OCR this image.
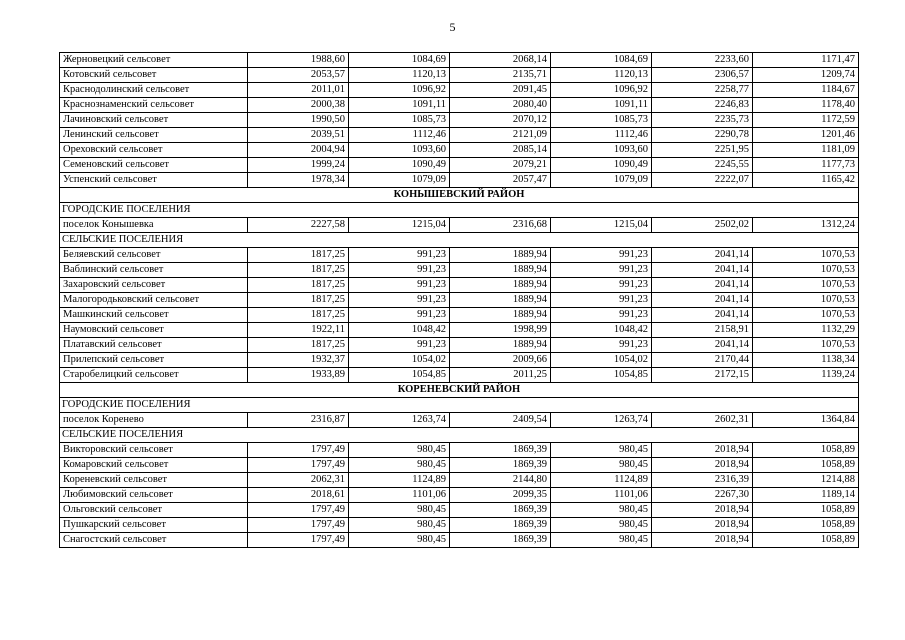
5
Жерновецкий сельсовет	1988,60	1084,69	2068,14	1084,69	2233,60	1171,47
Котовский сельсовет	2053,57	1120,13	2135,71	1120,13	2306,57	1209,74
Краснодолинский сельсовет	2011,01	1096,92	2091,45	1096,92	2258,77	1184,67
Краснознаменский сельсовет	2000,38	1091,11	2080,40	1091,11	2246,83	1178,40
Лачиновский сельсовет	1990,50	1085,73	2070,12	1085,73	2235,73	1172,59
Ленинский сельсовет	2039,51	1112,46	2121,09	1112,46	2290,78	1201,46
Ореховский сельсовет	2004,94	1093,60	2085,14	1093,60	2251,95	1181,09
Семеновский сельсовет	1999,24	1090,49	2079,21	1090,49	2245,55	1177,73
Успенский сельсовет	1978,34	1079,09	2057,47	1079,09	2222,07	1165,42
КОНЫШЕВСКИЙ РАЙОН						
ГОРОДСКИЕ ПОСЕЛЕНИЯ						
поселок Конышевка	2227,58	1215,04	2316,68	1215,04	2502,02	1312,24
СЕЛЬСКИЕ ПОСЕЛЕНИЯ						
Беляевский сельсовет	1817,25	991,23	1889,94	991,23	2041,14	1070,53
Ваблинский сельсовет	1817,25	991,23	1889,94	991,23	2041,14	1070,53
Захаровский сельсовет	1817,25	991,23	1889,94	991,23	2041,14	1070,53
Малогородьковский сельсовет	1817,25	991,23	1889,94	991,23	2041,14	1070,53
Машкинский сельсовет	1817,25	991,23	1889,94	991,23	2041,14	1070,53
Наумовский сельсовет	1922,11	1048,42	1998,99	1048,42	2158,91	1132,29
Платавский сельсовет	1817,25	991,23	1889,94	991,23	2041,14	1070,53
Прилепский сельсовет	1932,37	1054,02	2009,66	1054,02	2170,44	1138,34
Старобелицкий сельсовет	1933,89	1054,85	2011,25	1054,85	2172,15	1139,24
КОРЕНЕВСКИЙ РАЙОН						
ГОРОДСКИЕ ПОСЕЛЕНИЯ						
поселок Коренево	2316,87	1263,74	2409,54	1263,74	2602,31	1364,84
СЕЛЬСКИЕ ПОСЕЛЕНИЯ						
Викторовский сельсовет	1797,49	980,45	1869,39	980,45	2018,94	1058,89
Комаровский сельсовет	1797,49	980,45	1869,39	980,45	2018,94	1058,89
Кореневский сельсовет	2062,31	1124,89	2144,80	1124,89	2316,39	1214,88
Любимовский сельсовет	2018,61	1101,06	2099,35	1101,06	2267,30	1189,14
Ольговский сельсовет	1797,49	980,45	1869,39	980,45	2018,94	1058,89
Пушкарский сельсовет	1797,49	980,45	1869,39	980,45	2018,94	1058,89
Снагостский сельсовет	1797,49	980,45	1869,39	980,45	2018,94	1058,89
